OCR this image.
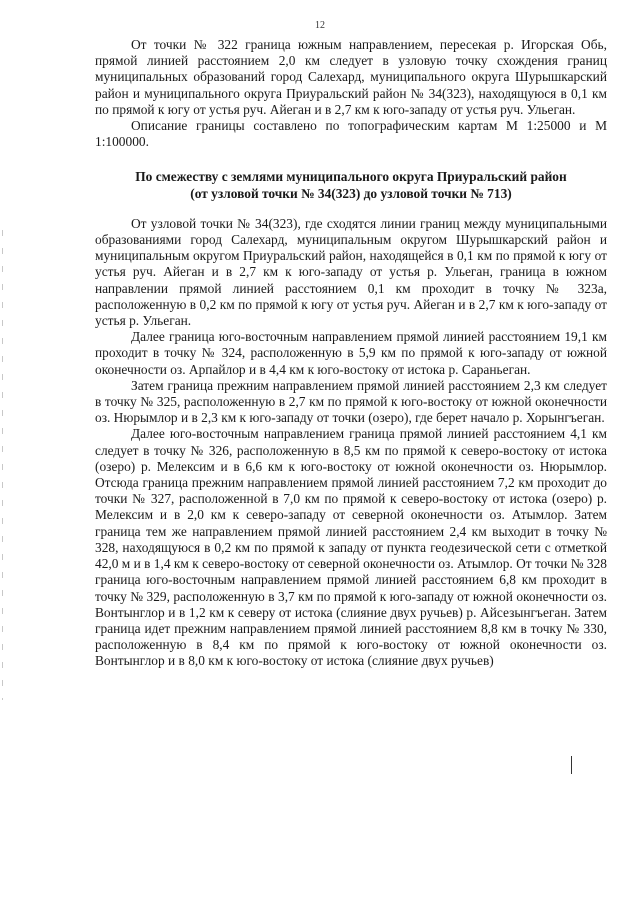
12

От точки № 322 граница южным направлением, пересекая р. Игорская Обь, прямой линией расстоянием 2,0 км следует в узловую точку схождения границ муниципальных образований город Салехард, муниципального округа Шурышкарский район и муниципального округа Приуральский район № 34(323), находящуюся в 0,1 км по прямой к югу от устья руч. Айеган и в 2,7 км к юго-западу от устья руч. Ульеган.

Описание границы составлено по топографическим картам М 1:25000 и М 1:100000.

По смежеству с землями муниципального округа Приуральский район
(от узловой точки № 34(323) до узловой точки № 713)

От узловой точки № 34(323), где сходятся линии границ между муниципальными образованиями город Салехард, муниципальным округом Шурышкарский район и муниципальным округом Приуральский район, находящейся в 0,1 км по прямой к югу от устья руч. Айеган и в 2,7 км к юго-западу от устья р. Ульеган, граница в южном направлении прямой линией расстоянием 0,1 км проходит в точку № 323а, расположенную в 0,2 км по прямой к югу от устья руч. Айеган и в 2,7 км к юго-западу от устья р. Ульеган.

Далее граница юго-восточным направлением прямой линией расстоянием 19,1 км проходит в точку № 324, расположенную в 5,9 км по прямой к юго-западу от южной оконечности оз. Арпайлор и в 4,4 км к юго-востоку от истока р. Сараньеган.

Затем граница прежним направлением прямой линией расстоянием 2,3 км следует в точку № 325, расположенную в 2,7 км по прямой к юго-востоку от южной оконечности оз. Нюрымлор и в 2,3 км к юго-западу от точки (озеро), где берет начало р. Хорынгъеган.

Далее юго-восточным направлением граница прямой линией расстоянием 4,1 км следует в точку № 326, расположенную в 8,5 км по прямой к северо-востоку от истока (озеро) р. Мелексим и в 6,6 км к юго-востоку от южной оконечности оз. Нюрымлор. Отсюда граница прежним направлением прямой линией расстоянием 7,2 км проходит до точки № 327, расположенной в 7,0 км по прямой к северо-востоку от истока (озеро) р. Мелексим и в 2,0 км к северо-западу от северной оконечности оз. Атымлор. Затем граница тем же направлением прямой линией расстоянием 2,4 км выходит в точку № 328, находящуюся в 0,2 км по прямой к западу от пункта геодезической сети с отметкой 42,0 м и в 1,4 км к северо-востоку от северной оконечности оз. Атымлор. От точки № 328 граница юго-восточным направлением прямой линией расстоянием 6,8 км проходит в точку № 329, расположенную в 3,7 км по прямой к юго-западу от южной оконечности оз. Вонтынглор и в 1,2 км к северу от истока (слияние двух ручьев) р. Айсезынгъеган. Затем граница идет прежним направлением прямой линией расстоянием 8,8 км в точку № 330, расположенную в 8,4 км по прямой к юго-востоку от южной оконечности оз. Вонтынглор и в 8,0 км к юго-востоку от истока (слияние двух ручьев)
